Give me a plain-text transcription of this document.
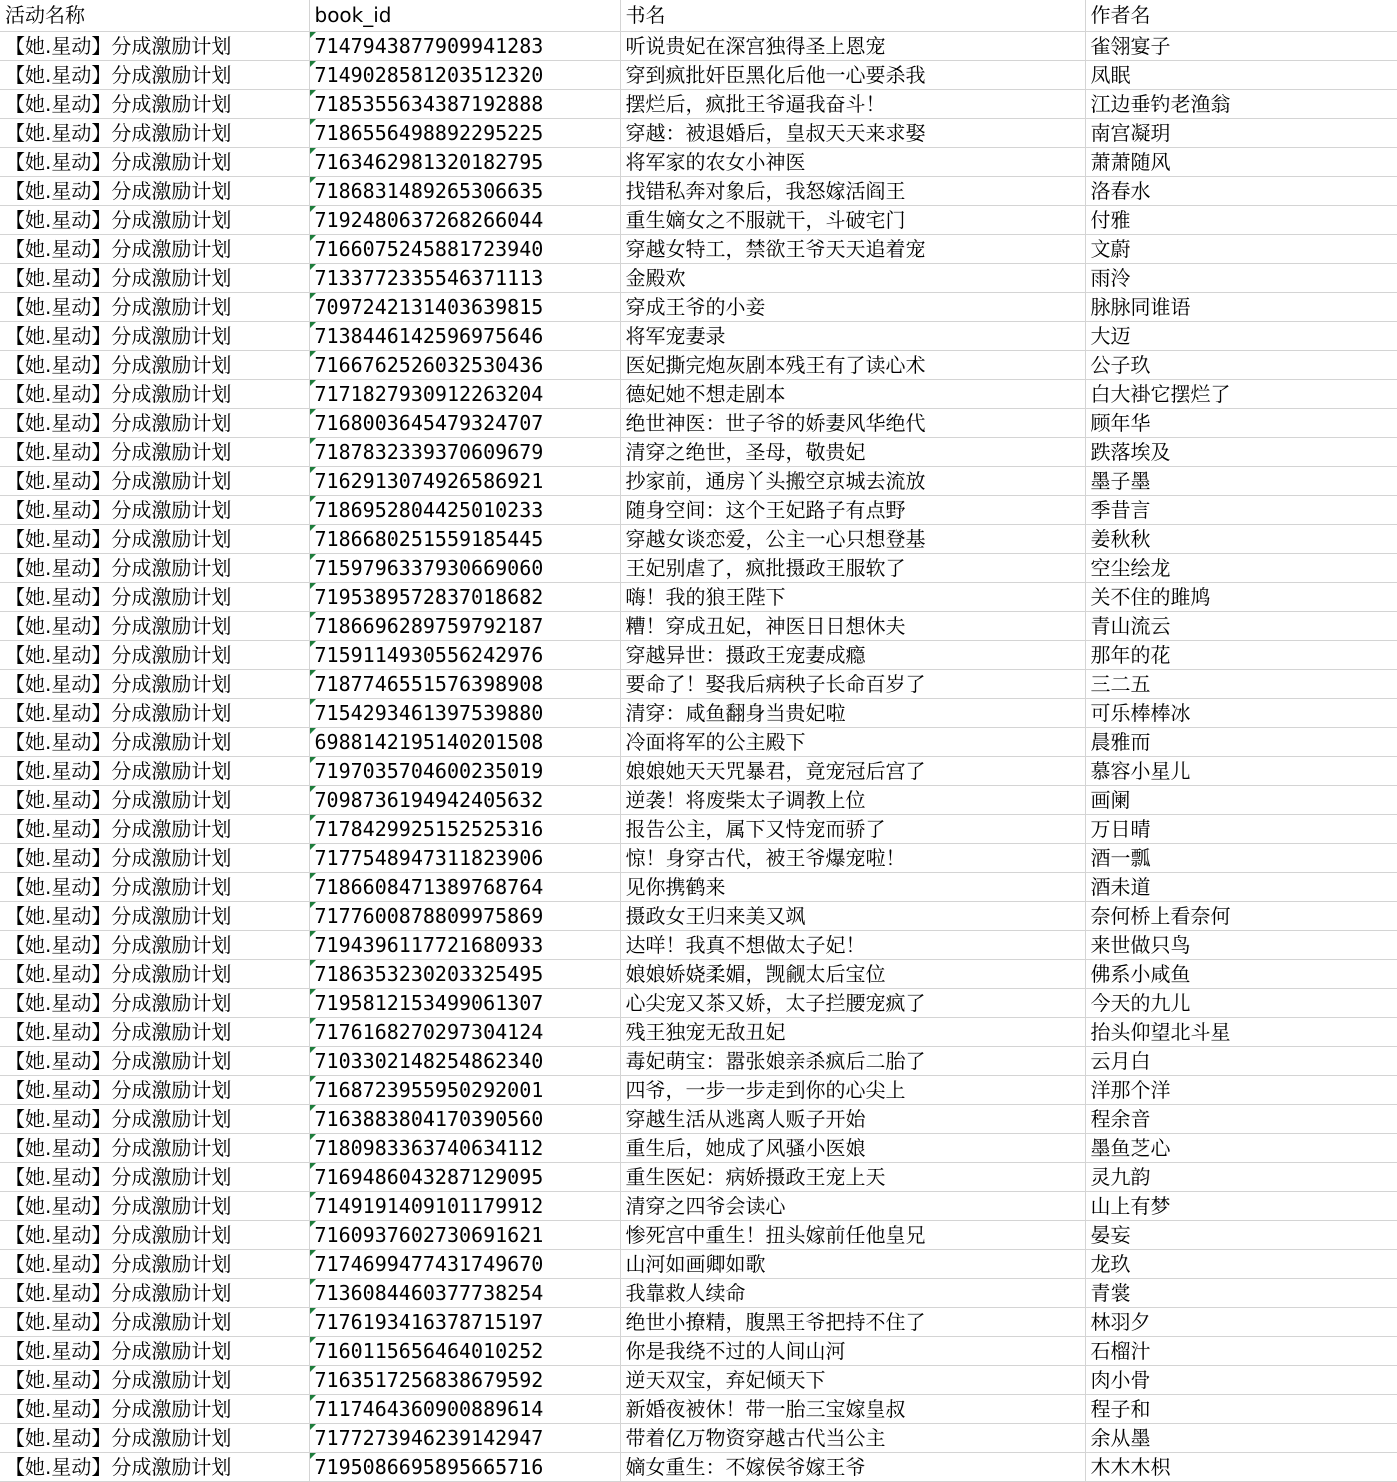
活动名称	book_id	书名	作者名
【她.星动】分成激励计划	7147943877909941283	听说贵妃在深宫独得圣上恩宠	雀翎宴子
【她.星动】分成激励计划	7149028581203512320	穿到疯批奸臣黑化后他一心要杀我	凤眠
【她.星动】分成激励计划	7185355634387192888	摆烂后，疯批王爷逼我奋斗！	江边垂钓老渔翁
【她.星动】分成激励计划	7186556498892295225	穿越：被退婚后，皇叔天天来求娶	南宫凝玥
【她.星动】分成激励计划	7163462981320182795	将军家的农女小神医	萧萧随风
【她.星动】分成激励计划	7186831489265306635	找错私奔对象后，我怒嫁活阎王	洛春水
【她.星动】分成激励计划	7192480637268266044	重生嫡女之不服就干，斗破宅门	付雅
【她.星动】分成激励计划	7166075245881723940	穿越女特工，禁欲王爷天天追着宠	文蔚
【她.星动】分成激励计划	7133772335546371113	金殿欢	雨泠
【她.星动】分成激励计划	7097242131403639815	穿成王爷的小妾	脉脉同谁语
【她.星动】分成激励计划	7138446142596975646	将军宠妻录	大迈
【她.星动】分成激励计划	7166762526032530436	医妃撕完炮灰剧本残王有了读心术	公子玖
【她.星动】分成激励计划	7171827930912263204	德妃她不想走剧本	白大褂它摆烂了
【她.星动】分成激励计划	7168003645479324707	绝世神医：世子爷的娇妻风华绝代	顾年华
【她.星动】分成激励计划	7187832339370609679	清穿之绝世，圣母，敬贵妃	跌落埃及
【她.星动】分成激励计划	7162913074926586921	抄家前，通房丫头搬空京城去流放	墨子墨
【她.星动】分成激励计划	7186952804425010233	随身空间：这个王妃路子有点野	季昔言
【她.星动】分成激励计划	7186680251559185445	穿越女谈恋爱，公主一心只想登基	姜秋秋
【她.星动】分成激励计划	7159796337930669060	王妃别虐了，疯批摄政王服软了	空尘绘龙
【她.星动】分成激励计划	7195389572837018682	嗨！我的狼王陛下	关不住的雎鸠
【她.星动】分成激励计划	7186696289759792187	糟！穿成丑妃，神医日日想休夫	青山流云
【她.星动】分成激励计划	7159114930556242976	穿越异世：摄政王宠妻成瘾	那年的花
【她.星动】分成激励计划	7187746551576398908	要命了！娶我后病秧子长命百岁了	三二五
【她.星动】分成激励计划	7154293461397539880	清穿：咸鱼翻身当贵妃啦	可乐棒棒冰
【她.星动】分成激励计划	6988142195140201508	冷面将军的公主殿下	晨雅而
【她.星动】分成激励计划	7197035704600235019	娘娘她天天咒暴君，竟宠冠后宫了	慕容小星儿
【她.星动】分成激励计划	7098736194942405632	逆袭！将废柴太子调教上位	画阑
【她.星动】分成激励计划	7178429925152525316	报告公主，属下又恃宠而骄了	万日晴
【她.星动】分成激励计划	7177548947311823906	惊！身穿古代，被王爷爆宠啦！	酒一瓢
【她.星动】分成激励计划	7186608471389768764	见你携鹤来	酒未道
【她.星动】分成激励计划	7177600878809975869	摄政女王归来美又飒	奈何桥上看奈何
【她.星动】分成激励计划	7194396117721680933	达咩！我真不想做太子妃！	来世做只鸟
【她.星动】分成激励计划	7186353230203325495	娘娘娇娆柔媚，觊觎太后宝位	佛系小咸鱼
【她.星动】分成激励计划	7195812153499061307	心尖宠又茶又娇，太子拦腰宠疯了	今天的九儿
【她.星动】分成激励计划	7176168270297304124	残王独宠无敌丑妃	抬头仰望北斗星
【她.星动】分成激励计划	7103302148254862340	毒妃萌宝：嚣张娘亲杀疯后二胎了	云月白
【她.星动】分成激励计划	7168723955950292001	四爷，一步一步走到你的心尖上	洋那个洋
【她.星动】分成激励计划	7163883804170390560	穿越生活从逃离人贩子开始	程余音
【她.星动】分成激励计划	7180983363740634112	重生后，她成了风骚小医娘	墨鱼芝心
【她.星动】分成激励计划	7169486043287129095	重生医妃：病娇摄政王宠上天	灵九韵
【她.星动】分成激励计划	7149191409101179912	清穿之四爷会读心	山上有梦
【她.星动】分成激励计划	7160937602730691621	惨死宫中重生！扭头嫁前任他皇兄	晏妄
【她.星动】分成激励计划	7174699477431749670	山河如画卿如歌	龙玖
【她.星动】分成激励计划	7136084460377738254	我靠救人续命	青裳
【她.星动】分成激励计划	7176193416378715197	绝世小撩精，腹黑王爷把持不住了	林羽夕
【她.星动】分成激励计划	7160115656464010252	你是我绕不过的人间山河	石榴汁
【她.星动】分成激励计划	7163517256838679592	逆天双宝，弃妃倾天下	肉小骨
【她.星动】分成激励计划	7117464360900889614	新婚夜被休！带一胎三宝嫁皇叔	程子和
【她.星动】分成激励计划	7177273946239142947	带着亿万物资穿越古代当公主	余从墨
【她.星动】分成激励计划	7195086695895665716	嫡女重生：不嫁侯爷嫁王爷	木木木枳
